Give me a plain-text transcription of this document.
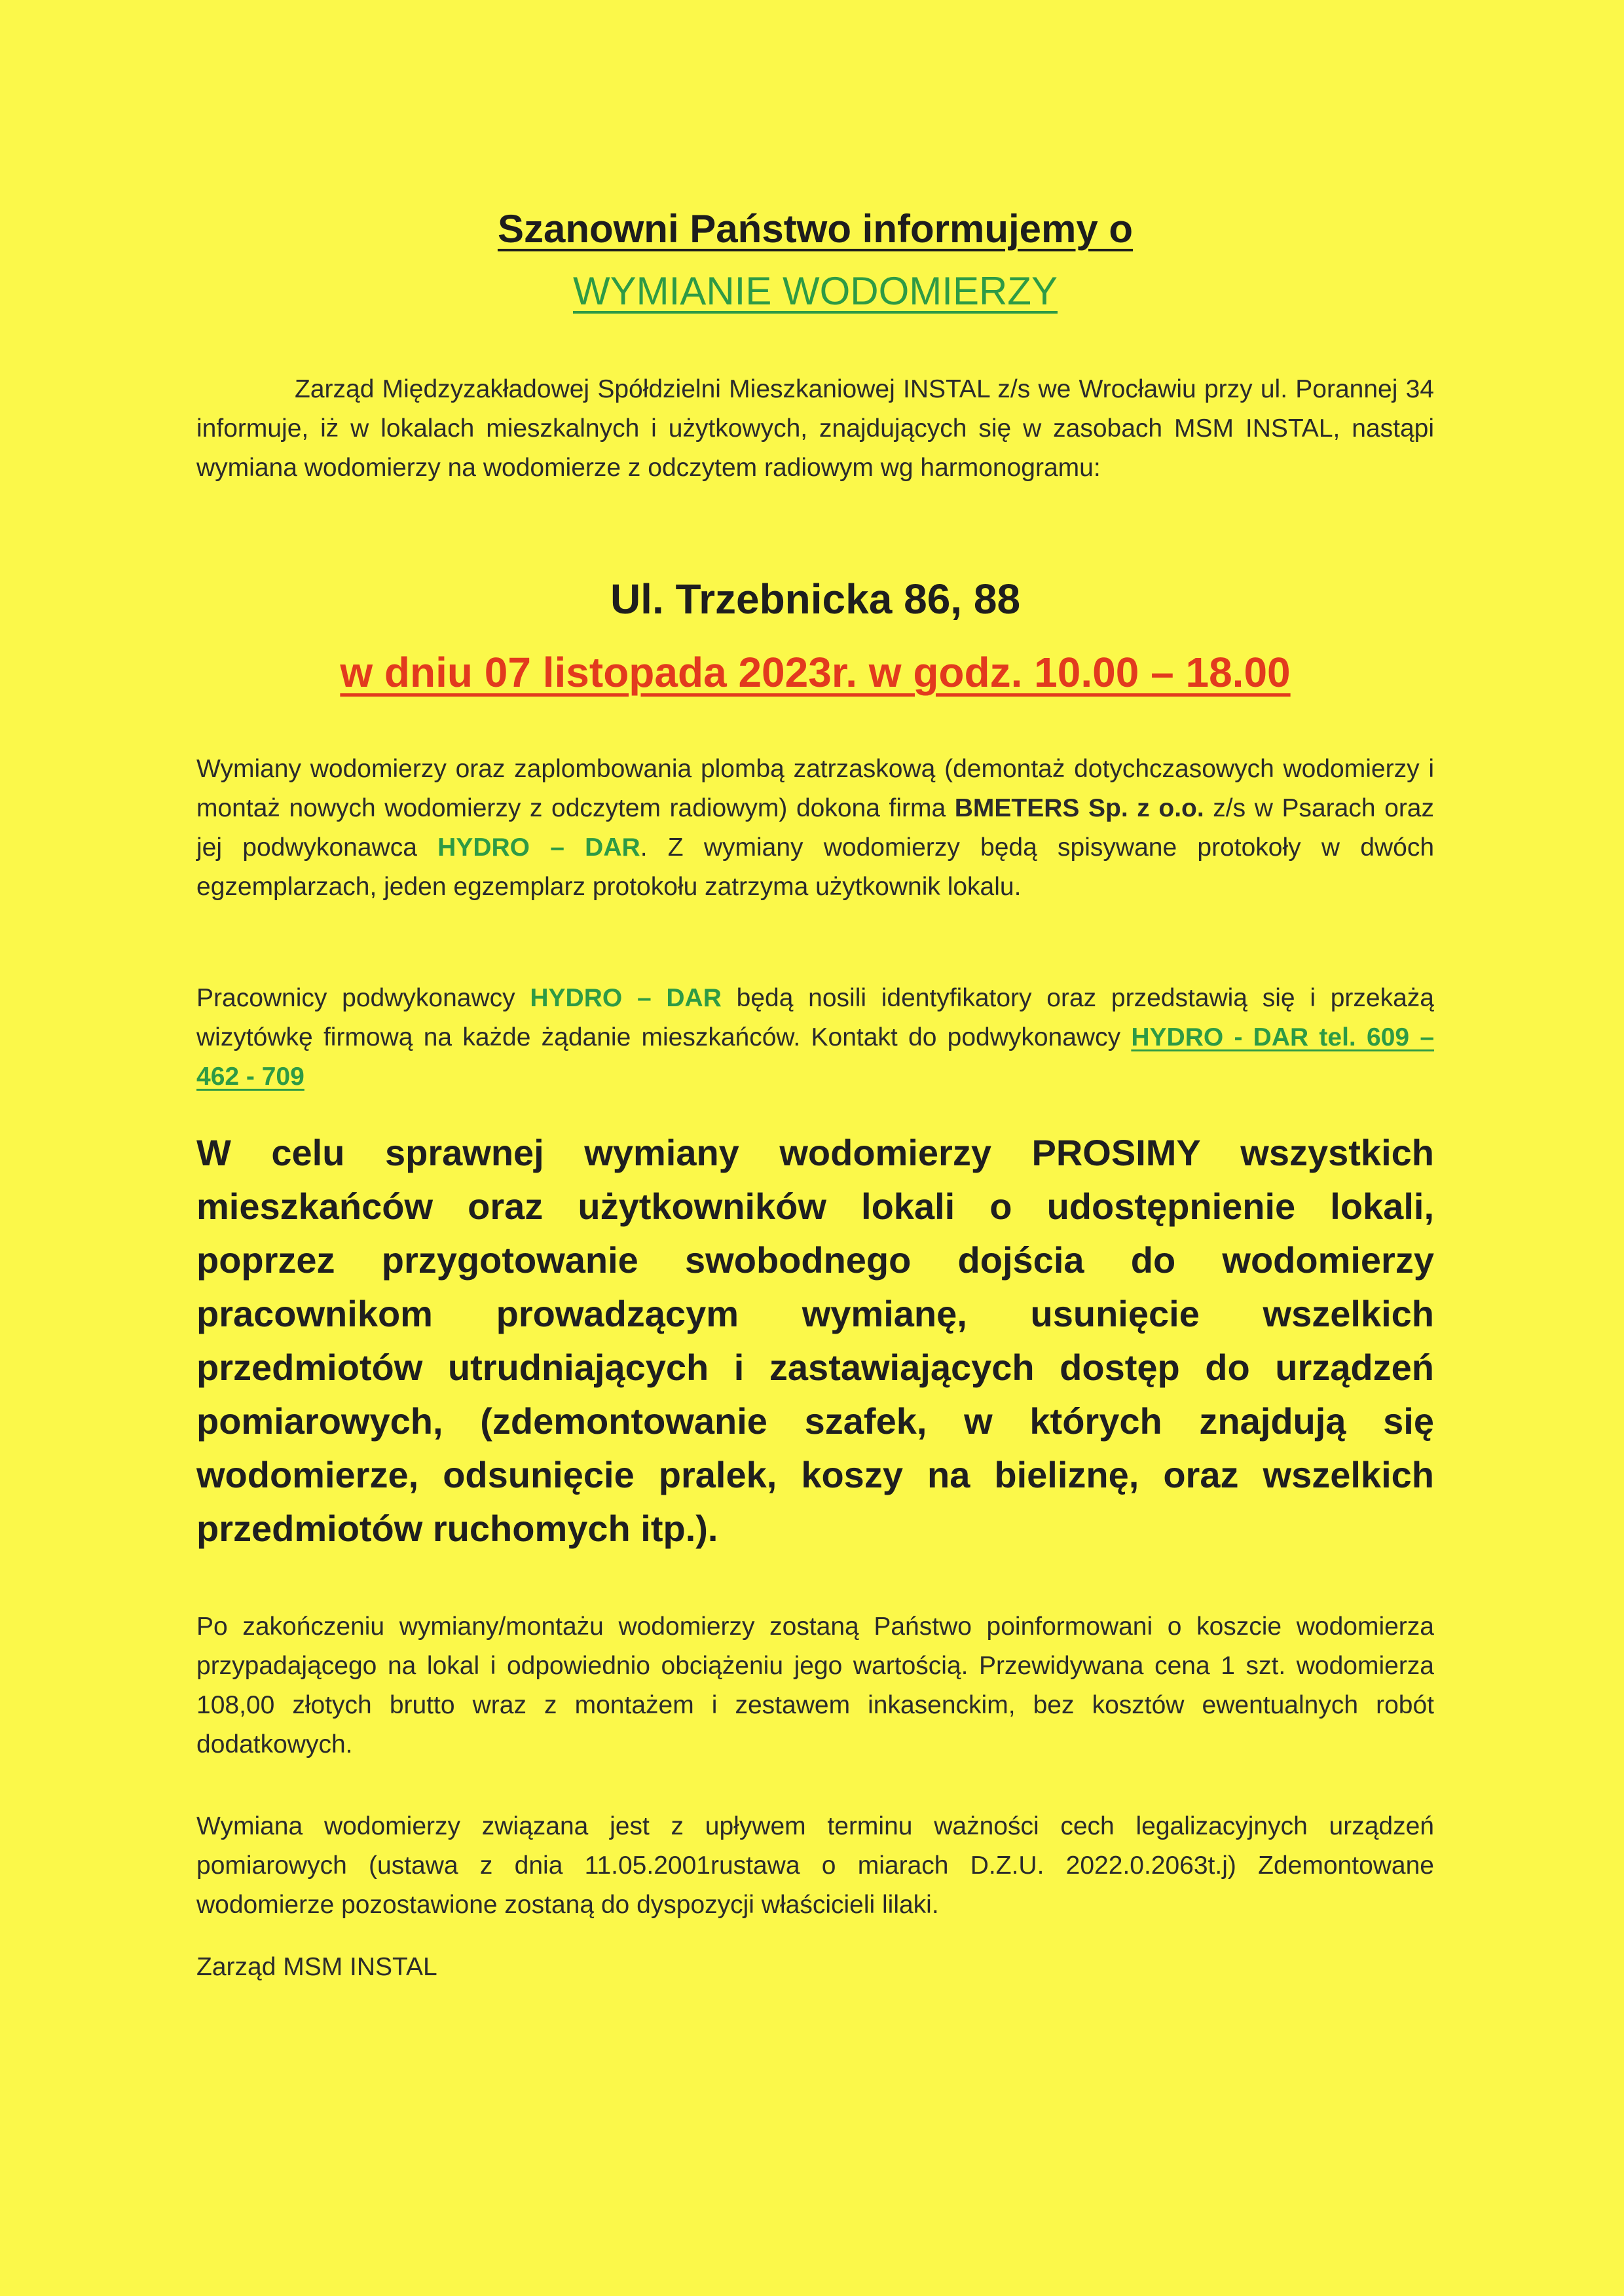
Szanowni Państwo informujemy o
WYMIANIE WODOMIERZY

Zarząd Międzyzakładowej Spółdzielni Mieszkaniowej INSTAL z/s we Wrocławiu przy ul. Porannej 34 informuje, iż w lokalach mieszkalnych i użytkowych, znajdujących się w zasobach MSM INSTAL, nastąpi wymiana wodomierzy na wodomierze z odczytem radiowym wg harmonogramu:

Ul. Trzebnicka 86, 88
w dniu 07 listopada 2023r. w godz. 10.00 – 18.00

Wymiany wodomierzy oraz zaplombowania plombą zatrzaskową (demontaż dotychczasowych wodomierzy i montaż nowych wodomierzy z odczytem radiowym) dokona firma BMETERS Sp. z o.o. z/s w Psarach oraz jej podwykonawca HYDRO – DAR. Z wymiany wodomierzy będą spisywane protokoły w dwóch egzemplarzach, jeden egzemplarz protokołu zatrzyma użytkownik lokalu.

Pracownicy podwykonawcy HYDRO – DAR będą nosili identyfikatory oraz przedstawią się i przekażą wizytówkę firmową na każde żądanie mieszkańców. Kontakt do podwykonawcy HYDRO - DAR tel. 609 – 462 - 709

W celu sprawnej wymiany wodomierzy PROSIMY wszystkich mieszkańców oraz użytkowników lokali o udostępnienie lokali, poprzez przygotowanie swobodnego dojścia do wodomierzy pracownikom prowadzącym wymianę, usunięcie wszelkich przedmiotów utrudniających i zastawiających dostęp do urządzeń pomiarowych, (zdemontowanie szafek, w których znajdują się wodomierze, odsunięcie pralek, koszy na bieliznę, oraz wszelkich przedmiotów ruchomych itp.).

Po zakończeniu wymiany/montażu wodomierzy zostaną Państwo poinformowani o koszcie wodomierza przypadającego na lokal i odpowiednio obciążeniu jego wartością. Przewidywana cena 1 szt. wodomierza 108,00 złotych brutto wraz z montażem i zestawem inkasenckim, bez kosztów ewentualnych robót dodatkowych.

Wymiana wodomierzy związana jest z upływem terminu ważności cech legalizacyjnych urządzeń pomiarowych (ustawa z dnia 11.05.2001rustawa o miarach D.Z.U. 2022.0.2063t.j) Zdemontowane wodomierze pozostawione zostaną do dyspozycji właścicieli lilaki.

Zarząd MSM INSTAL
